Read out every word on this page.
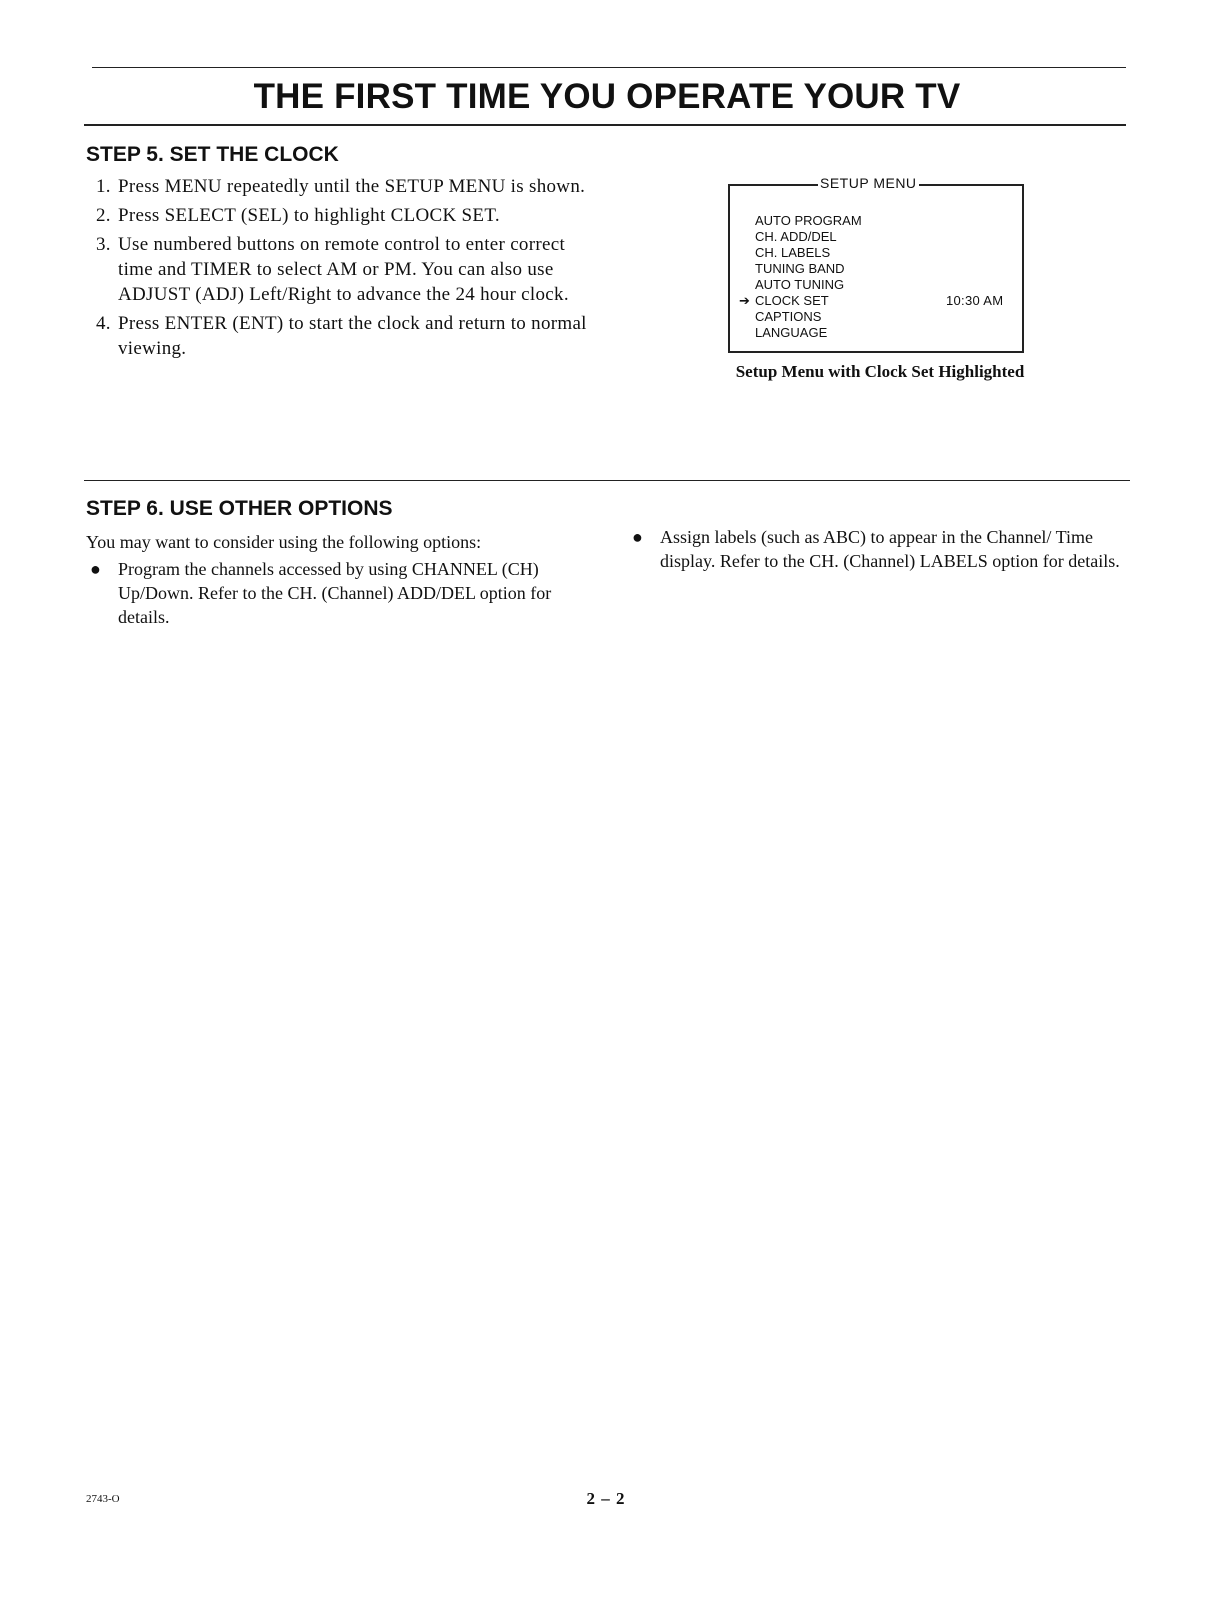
THE FIRST TIME YOU OPERATE YOUR TV
STEP 5. SET THE CLOCK
1. Press MENU repeatedly until the SETUP MENU is shown.
2. Press SELECT (SEL) to highlight CLOCK SET.
3. Use numbered buttons on remote control to enter correct time and TIMER to select AM or PM. You can also use ADJUST (ADJ) Left/Right to advance the 24 hour clock.
4. Press ENTER (ENT) to start the clock and return to normal viewing.
SETUP MENU
AUTO PROGRAM
CH. ADD/DEL
CH. LABELS
TUNING BAND
AUTO TUNING
➔ CLOCK SET
CAPTIONS
LANGUAGE
10:30 AM
Setup Menu with Clock Set Highlighted
STEP 6. USE OTHER OPTIONS

You may want to consider using the following options:

● Program the channels accessed by using CHANNEL (CH) Up/Down. Refer to the CH. (Channel) ADD/DEL option for details.
● Assign labels (such as ABC) to appear in the Channel/ Time display. Refer to the CH. (Channel) LABELS option for details.
2743-O	2 – 2
